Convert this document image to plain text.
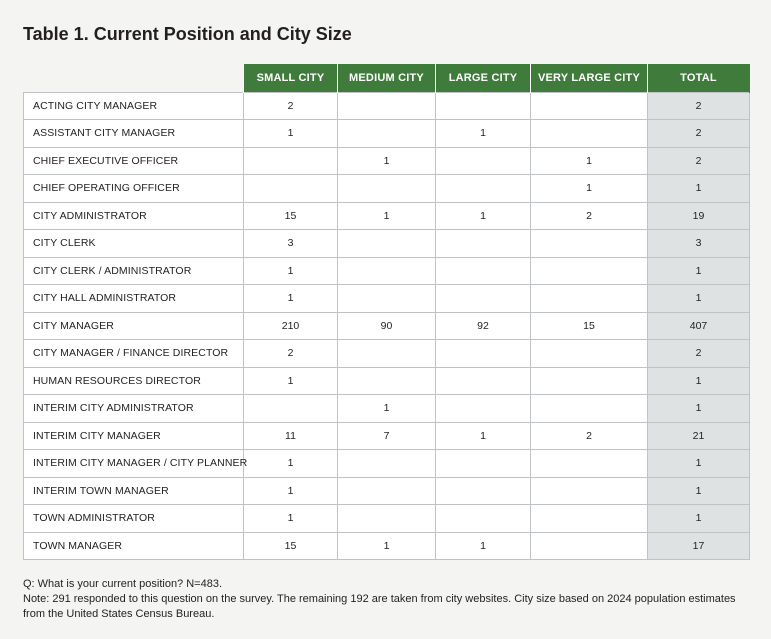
Table 1. Current Position and City Size
	SMALL CITY	MEDIUM CITY	LARGE CITY	VERY LARGE CITY	TOTAL
ACTING CITY MANAGER	2				2
ASSISTANT CITY MANAGER	1		1		2
CHIEF EXECUTIVE OFFICER		1		1	2
CHIEF OPERATING OFFICER				1	1
CITY ADMINISTRATOR	15	1	1	2	19
CITY CLERK	3				3
CITY CLERK / ADMINISTRATOR	1				1
CITY HALL ADMINISTRATOR	1				1
CITY MANAGER	210	90	92	15	407
CITY MANAGER / FINANCE DIRECTOR	2				2
HUMAN RESOURCES DIRECTOR	1				1
INTERIM CITY ADMINISTRATOR		1			1
INTERIM CITY MANAGER	11	7	1	2	21
INTERIM CITY MANAGER / CITY PLANNER	1				1
INTERIM TOWN MANAGER	1				1
TOWN ADMINISTRATOR	1				1
TOWN MANAGER	15	1	1		17
Q: What is your current position? N=483.
Note: 291 responded to this question on the survey. The remaining 192 are taken from city websites. City size based on 2024 population estimates
from the United States Census Bureau.
